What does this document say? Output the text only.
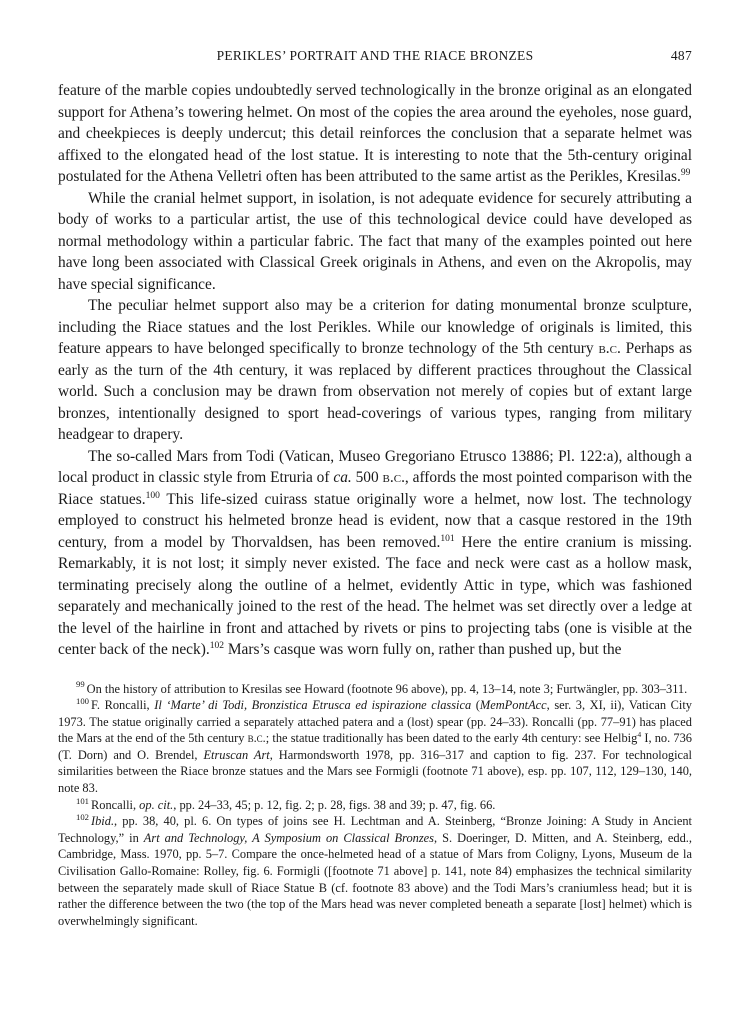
PERIKLES’ PORTRAIT AND THE RIACE BRONZES	487

feature of the marble copies undoubtedly served technologically in the bronze original as an elongated support for Athena’s towering helmet. On most of the copies the area around the eyeholes, nose guard, and cheekpieces is deeply undercut; this detail reinforces the conclusion that a separate helmet was affixed to the elongated head of the lost statue. It is interesting to note that the 5th-century original postulated for the Athena Velletri often has been attributed to the same artist as the Perikles, Kresilas.$^{99}$

While the cranial helmet support, in isolation, is not adequate evidence for securely attributing a body of works to a particular artist, the use of this technological device could have developed as normal methodology within a particular fabric. The fact that many of the examples pointed out here have long been associated with Classical Greek originals in Athens, and even on the Akropolis, may have special significance.

The peculiar helmet support also may be a criterion for dating monumental bronze sculpture, including the Riace statues and the lost Perikles. While our knowledge of originals is limited, this feature appears to have belonged specifically to bronze technology of the 5th century b.c. Perhaps as early as the turn of the 4th century, it was replaced by different practices throughout the Classical world. Such a conclusion may be drawn from observation not merely of copies but of extant large bronzes, intentionally designed to sport head-coverings of various types, ranging from military headgear to drapery.

The so-called Mars from Todi (Vatican, Museo Gregoriano Etrusco 13886; Pl. 122:a), although a local product in classic style from Etruria of ca. 500 b.c., affords the most pointed comparison with the Riace statues.$^{100}$ This life-sized cuirass statue originally wore a helmet, now lost. The technology employed to construct his helmeted bronze head is evident, now that a casque restored in the 19th century, from a model by Thorvaldsen, has been removed.$^{101}$ Here the entire cranium is missing. Remarkably, it is not lost; it simply never existed. The face and neck were cast as a hollow mask, terminating precisely along the outline of a helmet, evidently Attic in type, which was fashioned separately and mechanically joined to the rest of the head. The helmet was set directly over a ledge at the level of the hairline in front and attached by rivets or pins to projecting tabs (one is visible at the center back of the neck).$^{102}$ Mars’s casque was worn fully on, rather than pushed up, but the

$^{99}$ On the history of attribution to Kresilas see Howard (footnote 96 above), pp. 4, 13–14, note 3; Furtwängler, pp. 303–311.

$^{100}$ F. Roncalli, Il ‘Marte’ di Todi, Bronzistica Etrusca ed ispirazione classica (MemPontAcc, ser. 3, XI, ii), Vatican City 1973. The statue originally carried a separately attached patera and a (lost) spear (pp. 24–33). Roncalli (pp. 77–91) has placed the Mars at the end of the 5th century b.c.; the statue traditionally has been dated to the early 4th century: see Helbig$^4$ I, no. 736 (T. Dorn) and O. Brendel, Etruscan Art, Harmondsworth 1978, pp. 316–317 and caption to fig. 237. For technological similarities between the Riace bronze statues and the Mars see Formigli (footnote 71 above), esp. pp. 107, 112, 129–130, 140, note 83.

$^{101}$ Roncalli, op. cit., pp. 24–33, 45; p. 12, fig. 2; p. 28, figs. 38 and 39; p. 47, fig. 66.

$^{102}$ Ibid., pp. 38, 40, pl. 6. On types of joins see H. Lechtman and A. Steinberg, “Bronze Joining: A Study in Ancient Technology,” in Art and Technology, A Symposium on Classical Bronzes, S. Doeringer, D. Mitten, and A. Steinberg, edd., Cambridge, Mass. 1970, pp. 5–7. Compare the once-helmeted head of a statue of Mars from Coligny, Lyons, Museum de la Civilisation Gallo-Romaine: Rolley, fig. 6. Formigli ([footnote 71 above] p. 141, note 84) emphasizes the technical similarity between the separately made skull of Riace Statue B (cf. footnote 83 above) and the Todi Mars’s craniumless head; but it is rather the difference between the two (the top of the Mars head was never completed beneath a separate [lost] helmet) which is overwhelmingly significant.
